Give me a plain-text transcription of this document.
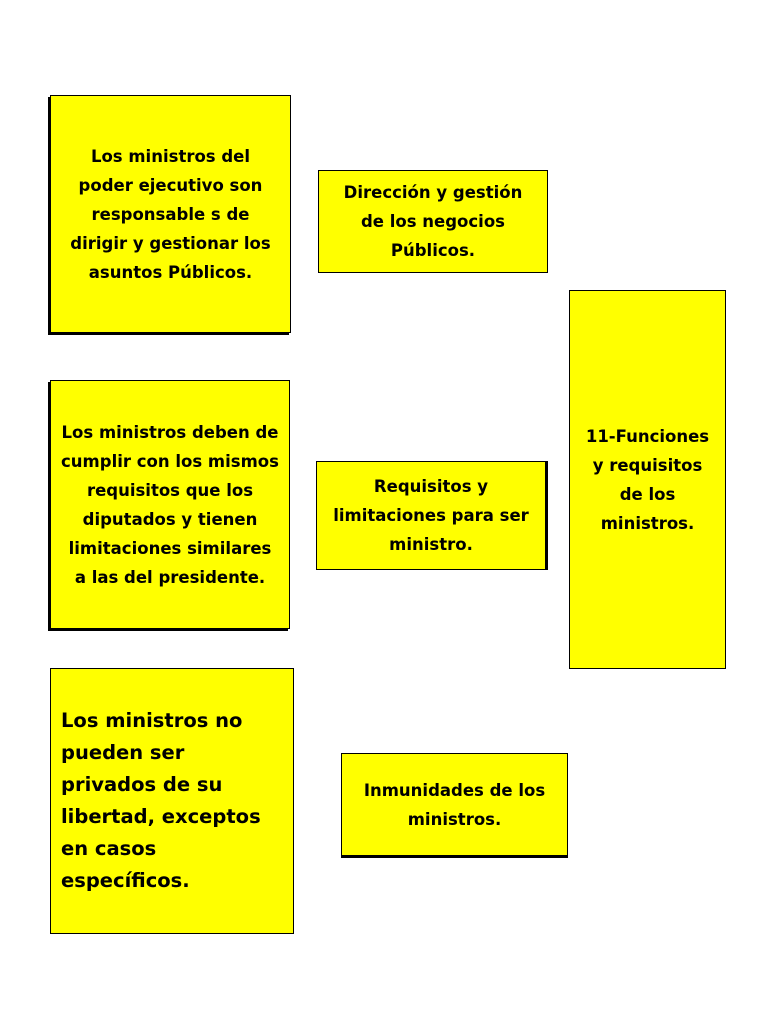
Los ministros del poder ejecutivo son responsable s de dirigir y gestionar los asuntos Públicos.
Dirección y gestión de los negocios Públicos.
Los ministros deben de cumplir con los mismos requisitos que los diputados y tienen limitaciones similares a las del presidente.
Requisitos y limitaciones para ser ministro.
11-Funciones y requisitos de los ministros.
Los ministros no pueden ser privados de su libertad, exceptos en casos específicos.
Inmunidades de los ministros.
